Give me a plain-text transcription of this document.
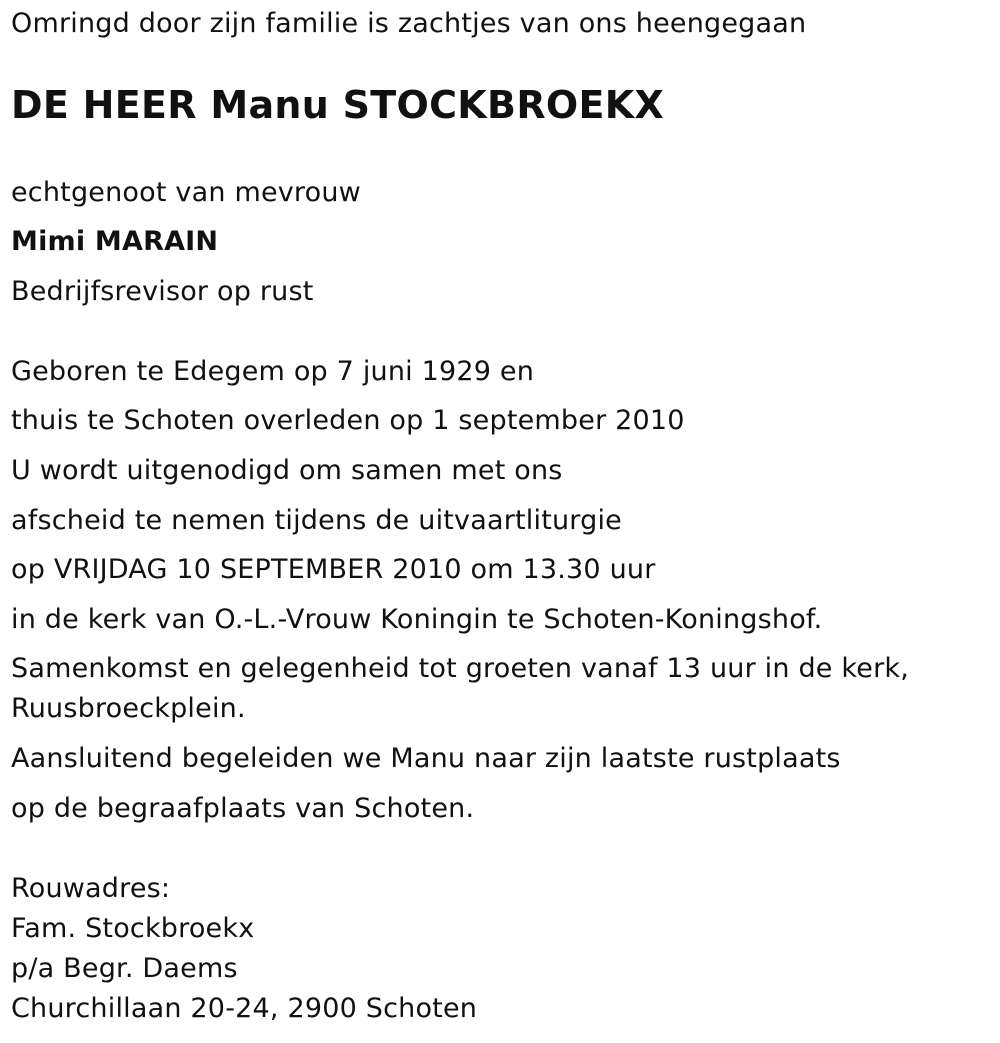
Omringd door zijn familie is zachtjes van ons heengegaan
DE HEER Manu STOCKBROEKX
echtgenoot van mevrouw
Mimi MARAIN
Bedrijfsrevisor op rust
Geboren te Edegem op 7 juni 1929 en
thuis te Schoten overleden op 1 september 2010
U wordt uitgenodigd om samen met ons
afscheid te nemen tijdens de uitvaartliturgie
op VRIJDAG 10 SEPTEMBER 2010 om 13.30 uur
in de kerk van O.-L.-Vrouw Koningin te Schoten-Koningshof.
Samenkomst en gelegenheid tot groeten vanaf 13 uur in de kerk,
Ruusbroeckplein.
Aansluitend begeleiden we Manu naar zijn laatste rustplaats
op de begraafplaats van Schoten.
Rouwadres:
Fam. Stockbroekx
p/a Begr. Daems
Churchillaan 20-24, 2900 Schoten
